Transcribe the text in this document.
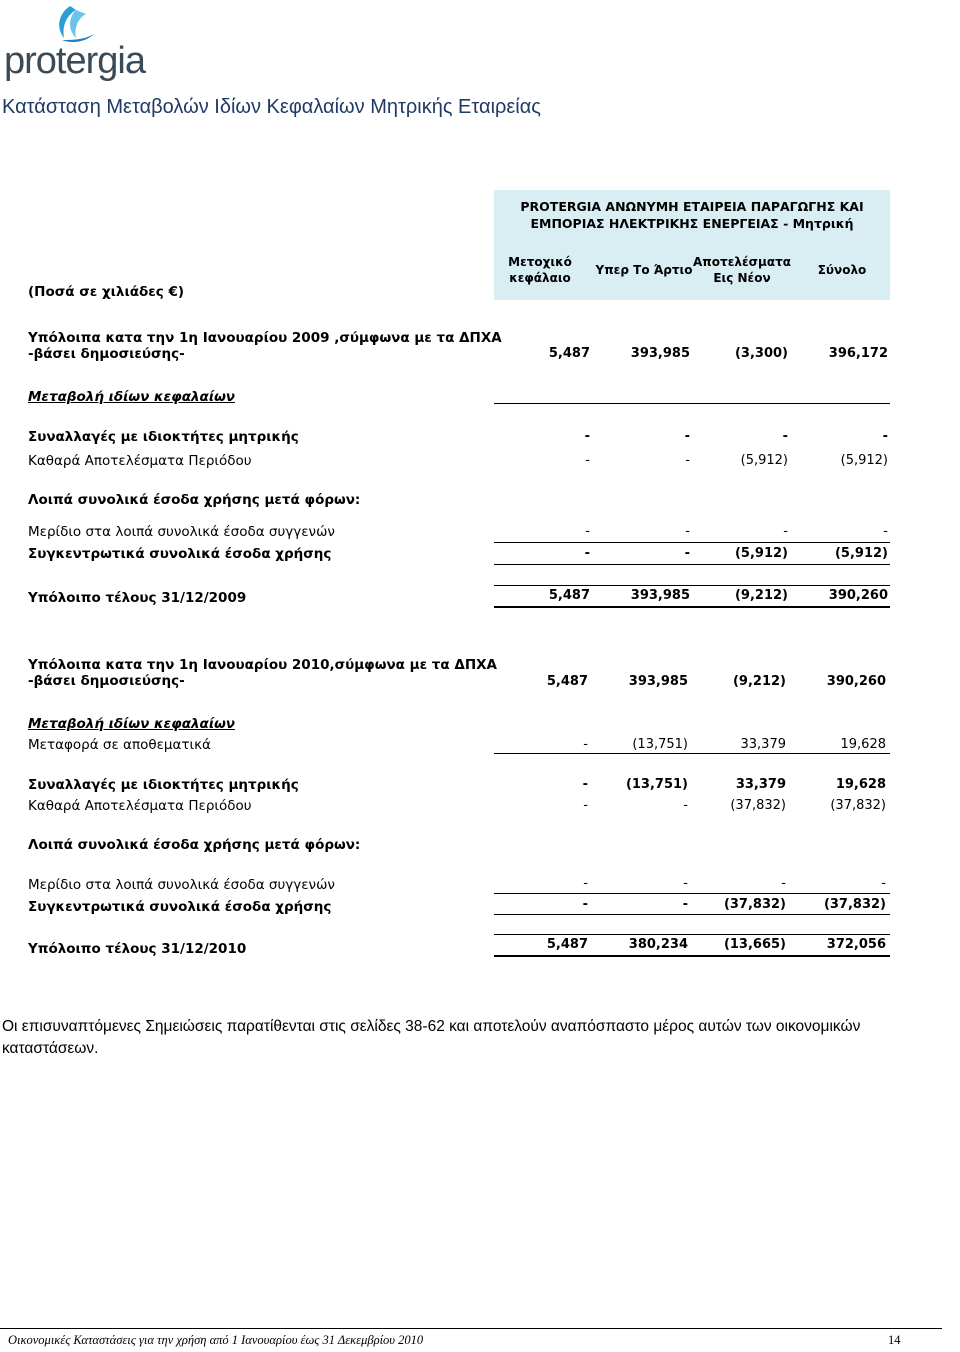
protergia
Κατάσταση Μεταβολών Ιδίων Κεφαλαίων Μητρικής Εταιρείας
PROTERGIA ΑΝΩΝΥΜΗ ΕΤΑΙΡΕΙΑ ΠΑΡΑΓΩΓΗΣ ΚΑΙ
ΕΜΠΟΡΙΑΣ ΗΛΕΚΤΡΙΚΗΣ ΕΝΕΡΓΕΙΑΣ - Μητρική
Μετοχικό
κεφάλαιο
Υπερ Το Άρτιο
Αποτελέσματα
Εις Νέον
Σύνολο
(Ποσά σε χιλιάδες €)
Υπόλοιπα κατα την 1η Ιανουαρίου 2009 ,σύμφωνα με τα ΔΠΧΑ
-βάσει δημοσιεύσης-	5,487	393,985	(3,300)	396,172
Μεταβολή ιδίων κεφαλαίων
Συναλλαγές με ιδιοκτήτες μητρικής	-	-	-	-
Καθαρά Αποτελέσματα Περιόδου	-	-	(5,912)	(5,912)
Λοιπά συνολικά έσοδα χρήσης μετά φόρων:
Μερίδιο στα λοιπά συνολικά έσοδα συγγενών	-	-	-	-
Συγκεντρωτικά συνολικά έσοδα χρήσης	-	-	(5,912)	(5,912)
Υπόλοιπο τέλους 31/12/2009	5,487	393,985	(9,212)	390,260
Υπόλοιπα κατα την 1η Ιανουαρίου 2010,σύμφωνα με τα ΔΠΧΑ
-βάσει δημοσιεύσης-	5,487	393,985	(9,212)	390,260
Μεταβολή ιδίων κεφαλαίων
Μεταφορά σε αποθεματικά	-	(13,751)	33,379	19,628
Συναλλαγές με ιδιοκτήτες μητρικής	-	(13,751)	33,379	19,628
Καθαρά Αποτελέσματα Περιόδου	-	-	(37,832)	(37,832)
Λοιπά συνολικά έσοδα χρήσης μετά φόρων:
Μερίδιο στα λοιπά συνολικά έσοδα συγγενών	-	-	-	-
Συγκεντρωτικά συνολικά έσοδα χρήσης	-	-	(37,832)	(37,832)
Υπόλοιπο τέλους 31/12/2010	5,487	380,234	(13,665)	372,056
Οι επισυναπτόμενες Σημειώσεις παρατίθενται στις σελίδες 38-62 και αποτελούν αναπόσπαστο μέρος αυτών των οικονομικών καταστάσεων.
Οικονομικές Καταστάσεις για την χρήση από 1 Ιανουαρίου έως 31 Δεκεμβρίου 2010	14
